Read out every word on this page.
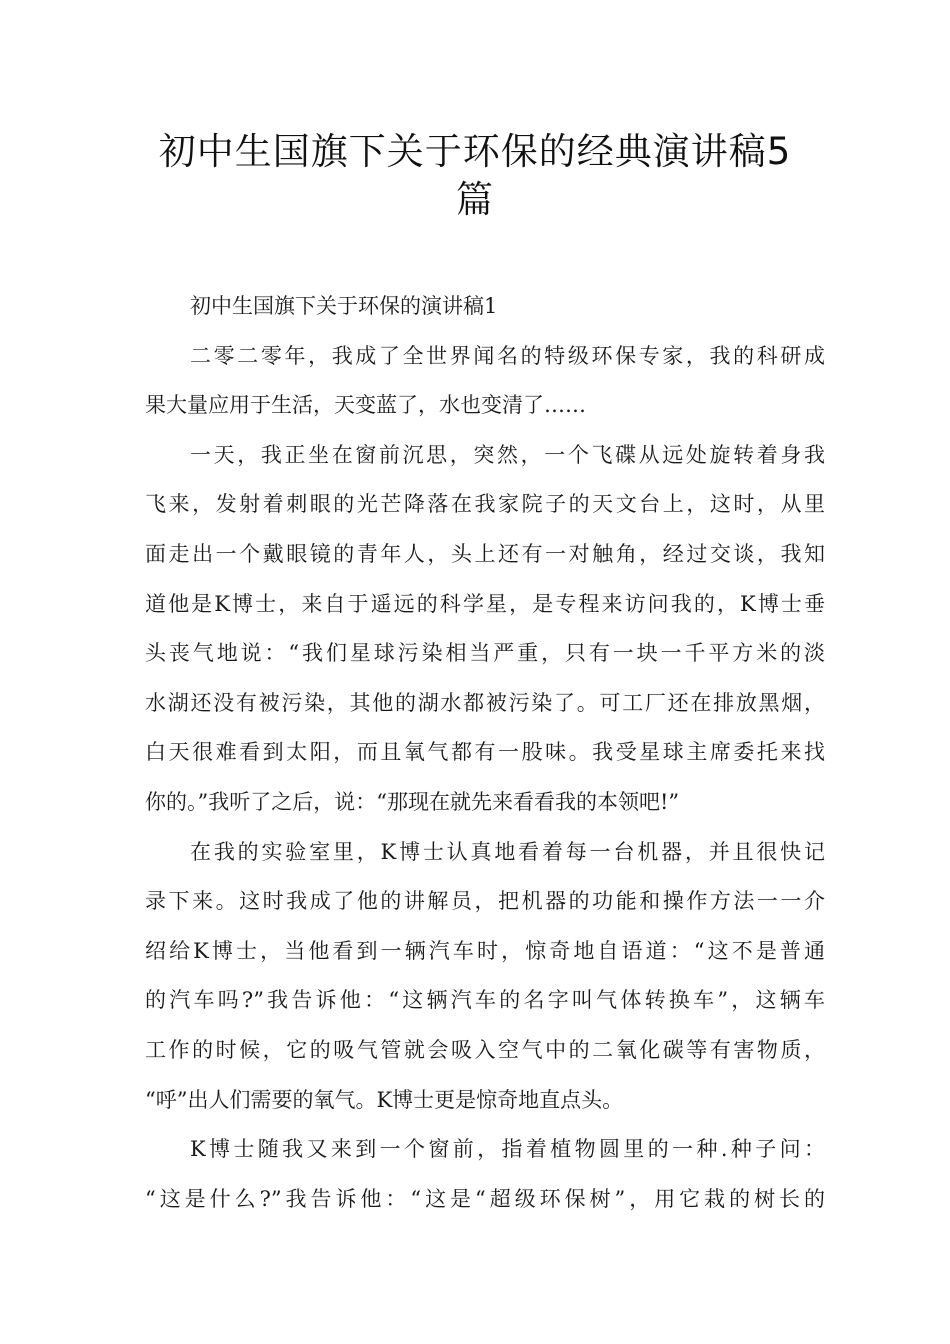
初中生国旗下关于环保的经典演讲稿5
篇
初中生国旗下关于环保的演讲稿1
二零二零年，我成了全世界闻名的特级环保专家，我的科研成
果大量应用于生活，天变蓝了，水也变清了……
一天，我正坐在窗前沉思，突然，一个飞碟从远处旋转着身我
飞来，发射着刺眼的光芒降落在我家院子的天文台上，这时，从里
面走出一个戴眼镜的青年人，头上还有一对触角，经过交谈，我知
道他是K博士，来自于遥远的科学星，是专程来访问我的，K博士垂
头丧气地说：“我们星球污染相当严重，只有一块一千平方米的淡
水湖还没有被污染，其他的湖水都被污染了。可工厂还在排放黑烟，
白天很难看到太阳，而且氧气都有一股味。我受星球主席委托来找
你的。”我听了之后，说：“那现在就先来看看我的本领吧!”
在我的实验室里，K博士认真地看着每一台机器，并且很快记
录下来。这时我成了他的讲解员，把机器的功能和操作方法一一介
绍给K博士，当他看到一辆汽车时，惊奇地自语道：“这不是普通
的汽车吗?”我告诉他：“这辆汽车的名字叫气体转换车”，这辆车
工作的时候，它的吸气管就会吸入空气中的二氧化碳等有害物质，
“呼”出人们需要的氧气。K博士更是惊奇地直点头。
K博士随我又来到一个窗前，指着植物圆里的一种.种子问：
“这是什么?”我告诉他：“这是“超级环保树”，用它栽的树长的
